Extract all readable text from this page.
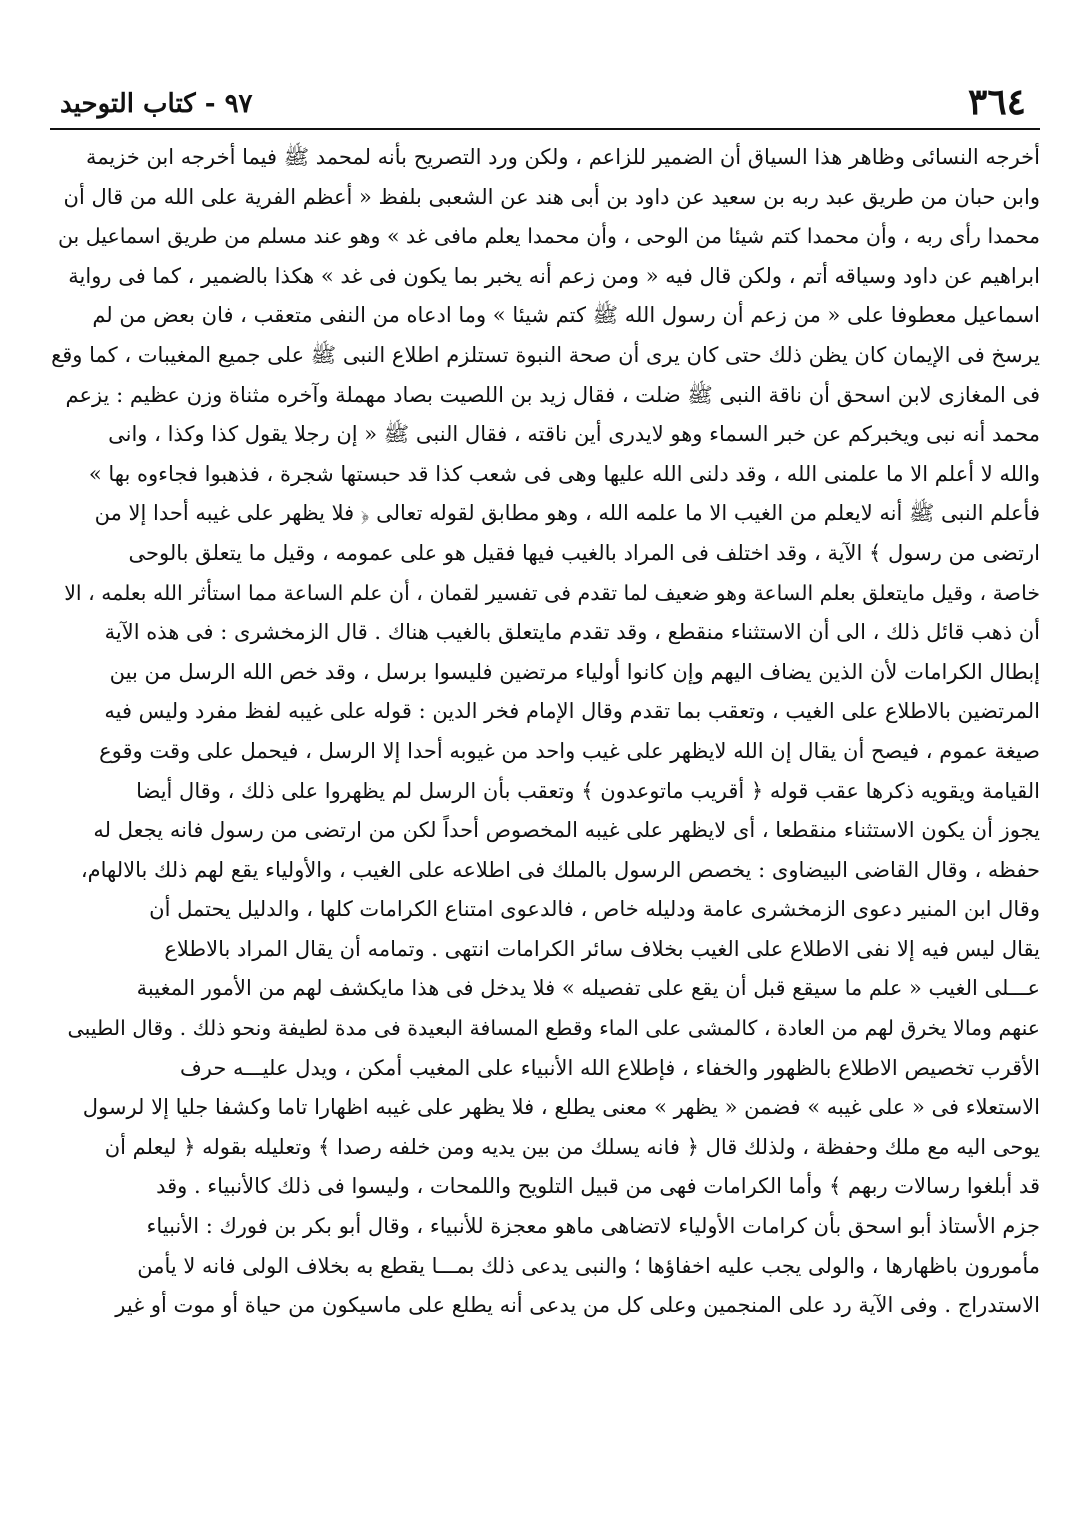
٣٦٤
٩٧ - كتاب التوحيد
أخرجه النسائى وظاهر هذا السياق أن الضمير للزاعم ، ولكن ورد التصريح بأنه لمحمد ﷺ فيما أخرجه ابن خزيمة
وابن حبان من طريق عبد ربه بن سعيد عن داود بن أبى هند عن الشعبى بلفظ « أعظم الفرية على الله من قال أن
محمدا رأى ربه ، وأن محمدا كتم شيئا من الوحى ، وأن محمدا يعلم مافى غد » وهو عند مسلم من طريق اسماعيل بن
ابراهيم عن داود وسياقه أتم ، ولكن قال فيه « ومن زعم أنه يخبر بما يكون فى غد » هكذا بالضمير ، كما فى رواية
اسماعيل معطوفا على « من زعم أن رسول الله ﷺ كتم شيئا » وما ادعاه من النفى متعقب ، فان بعض من لم
يرسخ فى الإيمان كان يظن ذلك حتى كان يرى أن صحة النبوة تستلزم اطلاع النبى ﷺ على جميع المغيبات ، كما وقع
فى المغازى لابن اسحق أن ناقة النبى ﷺ ضلت ، فقال زيد بن اللصيت بصاد مهملة وآخره مثناة وزن عظيم : يزعم
محمد أنه نبى ويخبركم عن خبر السماء وهو لايدرى أين ناقته ، فقال النبى ﷺ « إن رجلا يقول كذا وكذا ، وانى
والله لا أعلم الا ما علمنى الله ، وقد دلنى الله عليها وهى فى شعب كذا قد حبستها شجرة ، فذهبوا فجاءوه بها »
فأعلم النبى ﷺ أنه لايعلم من الغيب الا ما علمه الله ، وهو مطابق لقوله تعالى ﴿ فلا يظهر على غيبه أحدا إلا من
ارتضى من رسول ﴾ الآية ، وقد اختلف فى المراد بالغيب فيها فقيل هو على عمومه ، وقيل ما يتعلق بالوحى
خاصة ، وقيل مايتعلق بعلم الساعة وهو ضعيف لما تقدم فى تفسير لقمان ، أن علم الساعة مما استأثر الله بعلمه ، الا
أن ذهب قائل ذلك ، الى أن الاستثناء منقطع ، وقد تقدم مايتعلق بالغيب هناك . قال الزمخشرى : فى هذه الآية
إبطال الكرامات لأن الذين يضاف اليهم وإن كانوا أولياء مرتضين فليسوا برسل ، وقد خص الله الرسل من بين
المرتضين بالاطلاع على الغيب ، وتعقب بما تقدم وقال الإمام فخر الدين : قوله على غيبه لفظ مفرد وليس فيه
صيغة عموم ، فيصح أن يقال إن الله لايظهر على غيب واحد من غيوبه أحدا إلا الرسل ، فيحمل على وقت وقوع
القيامة ويقويه ذكرها عقب قوله ﴿ أقريب ماتوعدون ﴾ وتعقب بأن الرسل لم يظهروا على ذلك ، وقال أيضا
يجوز أن يكون الاستثناء منقطعا ، أى لايظهر على غيبه المخصوص أحداً لكن من ارتضى من رسول فانه يجعل له
حفظه ، وقال القاضى البيضاوى : يخصص الرسول بالملك فى اطلاعه على الغيب ، والأولياء يقع لهم ذلك بالالهام،
وقال ابن المنير دعوى الزمخشرى عامة ودليله خاص ، فالدعوى امتناع الكرامات كلها ، والدليل يحتمل أن
يقال ليس فيه إلا نفى الاطلاع على الغيب بخلاف سائر الكرامات انتهى . وتمامه أن يقال المراد بالاطلاع
عـــلى الغيب « علم ما سيقع قبل أن يقع على تفصيله » فلا يدخل فى هذا مايكشف لهم من الأمور المغيبة
عنهم ومالا يخرق لهم من العادة ، كالمشى على الماء وقطع المسافة البعيدة فى مدة لطيفة ونحو ذلك . وقال الطيبى
الأقرب تخصيص الاطلاع بالظهور والخفاء ، فإطلاع الله الأنبياء على المغيب أمكن ، ويدل عليـــه حرف
الاستعلاء فى « على غيبه » فضمن « يظهر » معنى يطلع ، فلا يظهر على غيبه اظهارا تاما وكشفا جليا إلا لرسول
يوحى اليه مع ملك وحفظة ، ولذلك قال ﴿ فانه يسلك من بين يديه ومن خلفه رصدا ﴾ وتعليله بقوله ﴿ ليعلم أن
قد أبلغوا رسالات ربهم ﴾ وأما الكرامات فهى من قبيل التلويح واللمحات ، وليسوا فى ذلك كالأنبياء . وقد
جزم الأستاذ أبو اسحق بأن كرامات الأولياء لاتضاهى ماهو معجزة للأنبياء ، وقال أبو بكر بن فورك : الأنبياء
مأمورون باظهارها ، والولى يجب عليه اخفاؤها ؛ والنبى يدعى ذلك بمـــا يقطع به بخلاف الولى فانه لا يأمن
الاستدراج . وفى الآية رد على المنجمين وعلى كل من يدعى أنه يطلع على ماسيكون من حياة أو موت أو غير
